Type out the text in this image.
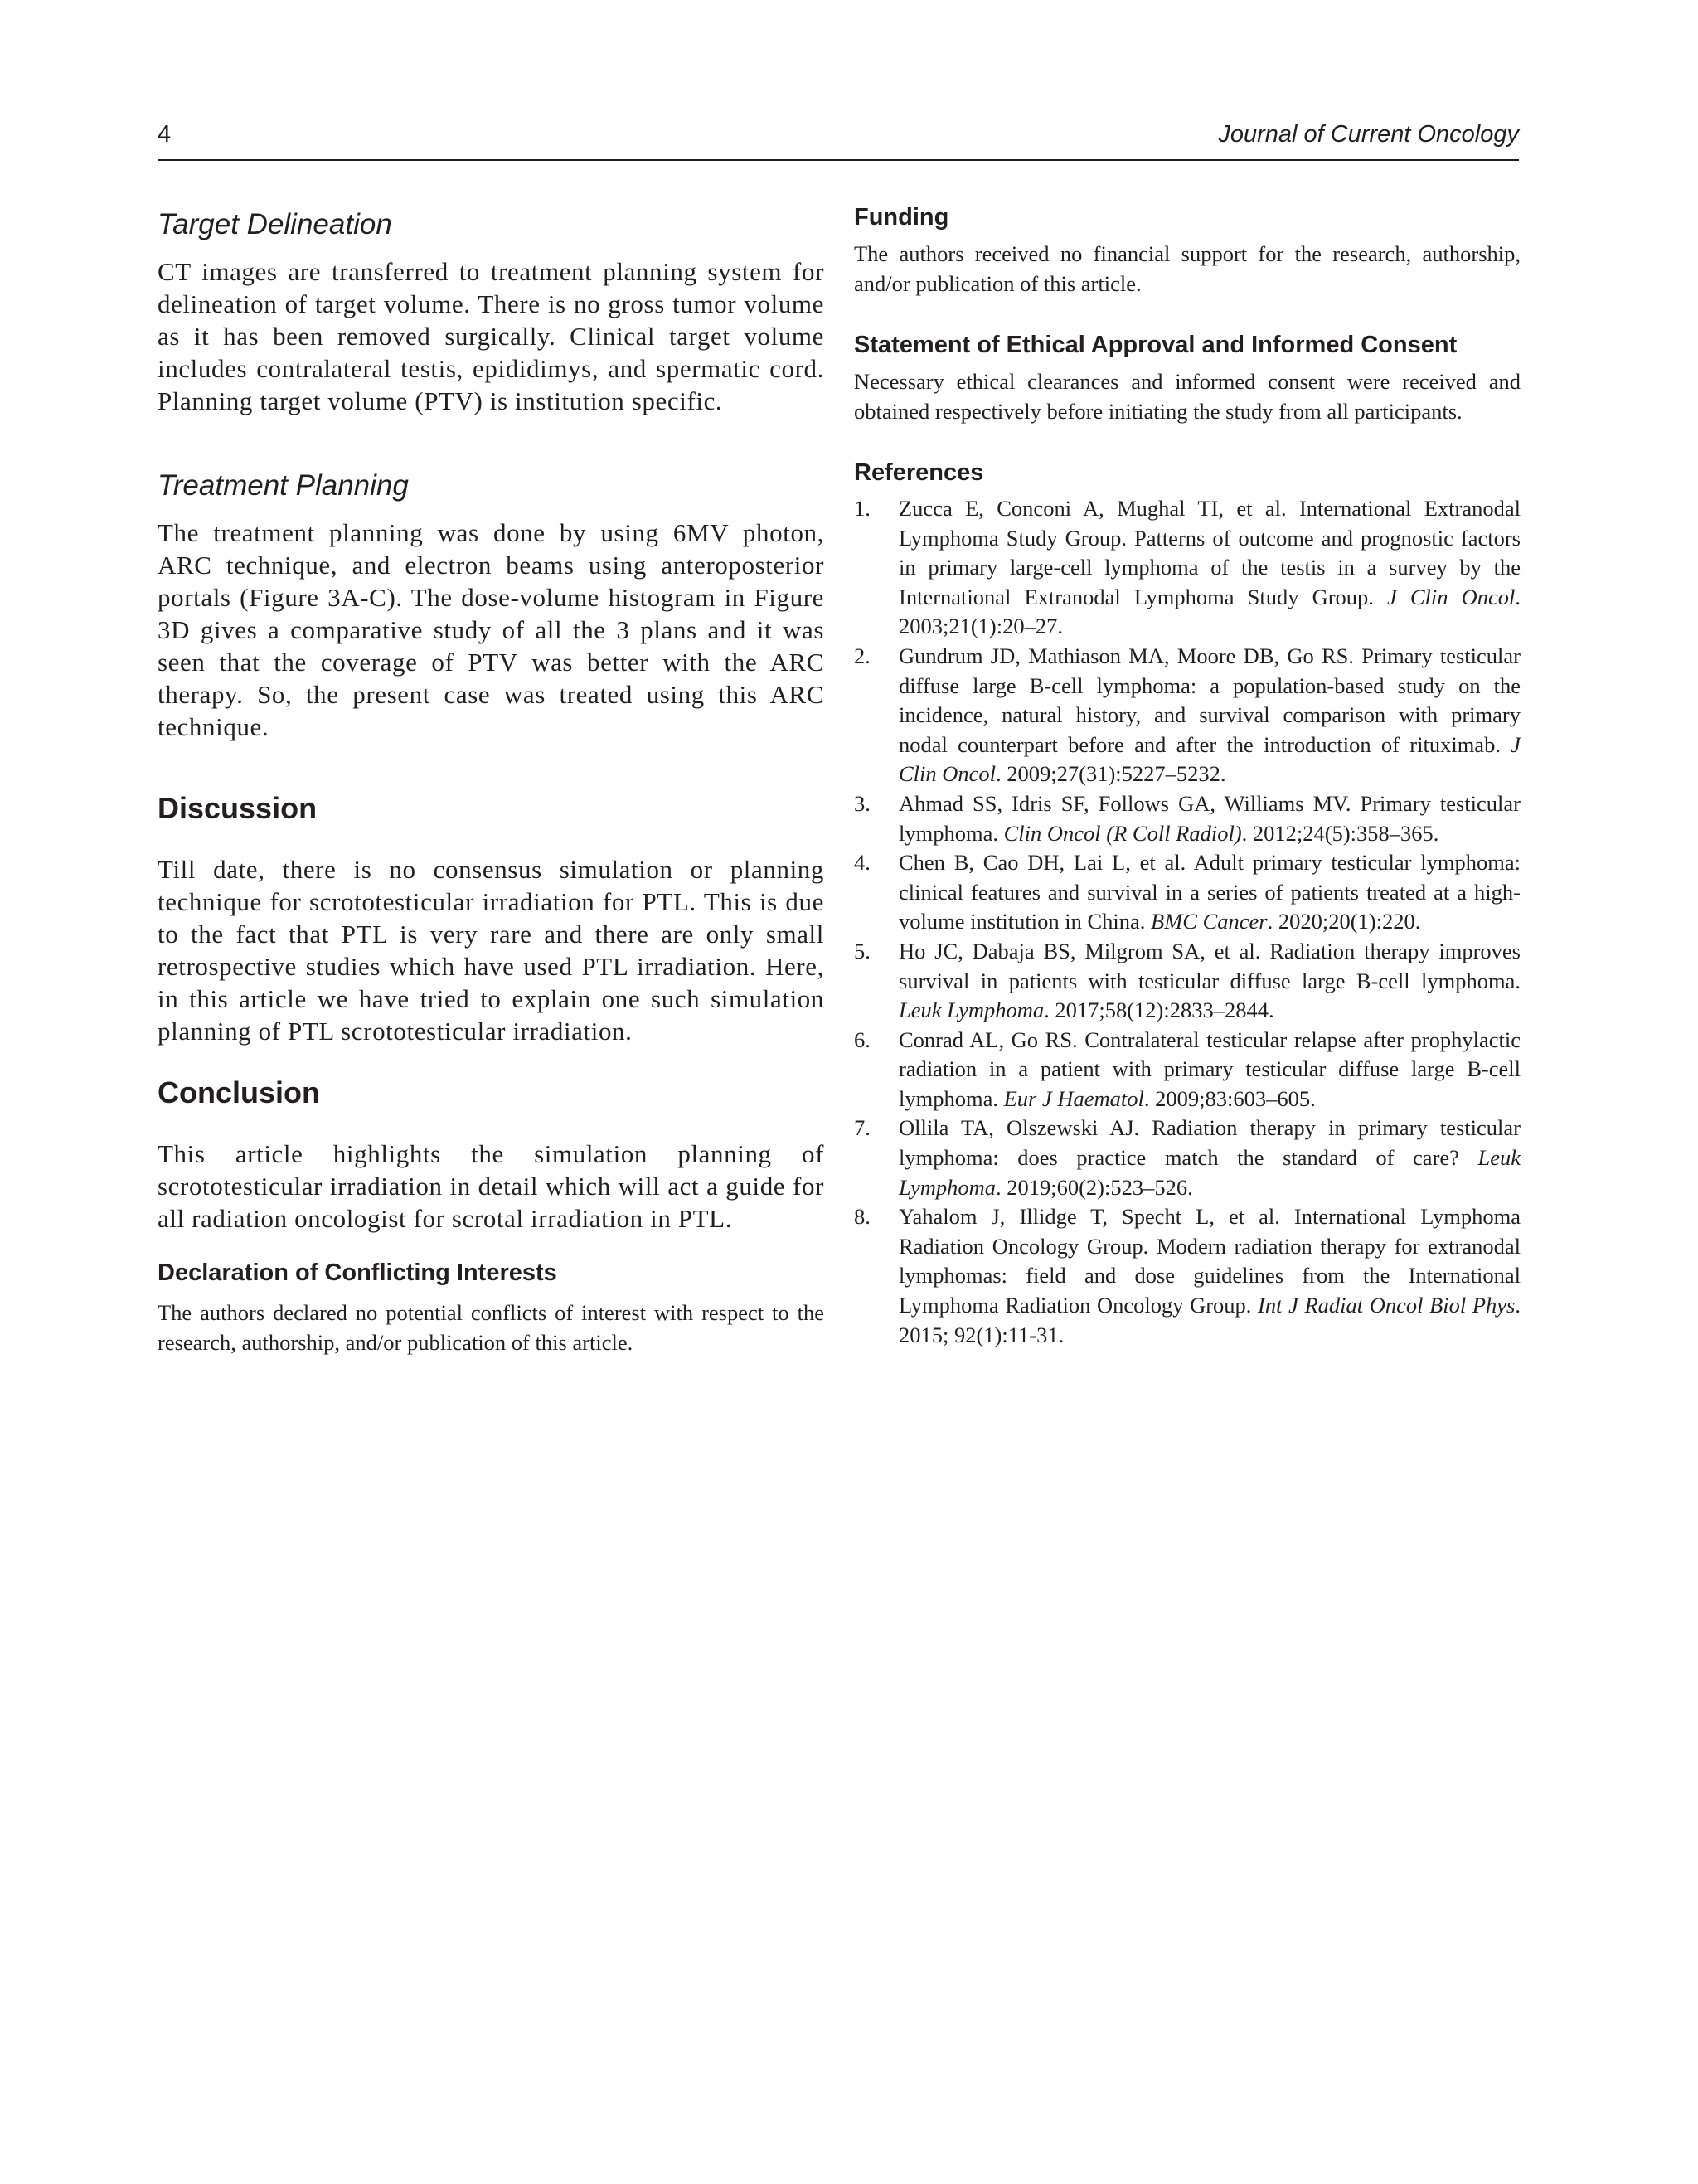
4	Journal of Current Oncology
Target Delineation

CT images are transferred to treatment planning system for delineation of target volume. There is no gross tumor volume as it has been removed surgically. Clinical target volume includes contralateral testis, epididimys, and spermatic cord. Planning target volume (PTV) is institution specific.

Treatment Planning

The treatment planning was done by using 6MV photon, ARC technique, and electron beams using anteroposterior portals (Figure 3A-C). The dose-volume histogram in Figure 3D gives a comparative study of all the 3 plans and it was seen that the coverage of PTV was better with the ARC therapy. So, the present case was treated using this ARC technique.

Discussion

Till date, there is no consensus simulation or planning technique for scrototesticular irradiation for PTL. This is due to the fact that PTL is very rare and there are only small retrospective studies which have used PTL irradiation. Here, in this article we have tried to explain one such simulation planning of PTL scrototesticular irradiation.

Conclusion

This article highlights the simulation planning of scrototesticular irradiation in detail which will act a guide for all radiation oncologist for scrotal irradiation in PTL.

Declaration of Conflicting Interests

The authors declared no potential conflicts of interest with respect to the research, authorship, and/or publication of this article.

Funding

The authors received no financial support for the research, authorship, and/or publication of this article.

Statement of Ethical Approval and Informed Consent

Necessary ethical clearances and informed consent were received and obtained respectively before initiating the study from all participants.

References
1. Zucca E, Conconi A, Mughal TI, et al. International Extranodal Lymphoma Study Group. Patterns of outcome and prognostic factors in primary large-cell lymphoma of the testis in a survey by the International Extranodal Lymphoma Study Group. J Clin Oncol. 2003;21(1):20–27.
2. Gundrum JD, Mathiason MA, Moore DB, Go RS. Primary testicular diffuse large B-cell lymphoma: a population-based study on the incidence, natural history, and survival comparison with primary nodal counterpart before and after the introduction of rituximab. J Clin Oncol. 2009;27(31):5227–5232.
3. Ahmad SS, Idris SF, Follows GA, Williams MV. Primary testicular lymphoma. Clin Oncol (R Coll Radiol). 2012;24(5):358–365.
4. Chen B, Cao DH, Lai L, et al. Adult primary testicular lymphoma: clinical features and survival in a series of patients treated at a high-volume institution in China. BMC Cancer. 2020;20(1):220.
5. Ho JC, Dabaja BS, Milgrom SA, et al. Radiation therapy improves survival in patients with testicular diffuse large B-cell lymphoma. Leuk Lymphoma. 2017;58(12):2833–2844.
6. Conrad AL, Go RS. Contralateral testicular relapse after prophylactic radiation in a patient with primary testicular diffuse large B-cell lymphoma. Eur J Haematol. 2009;83:603–605.
7. Ollila TA, Olszewski AJ. Radiation therapy in primary testicular lymphoma: does practice match the standard of care? Leuk Lymphoma. 2019;60(2):523–526.
8. Yahalom J, Illidge T, Specht L, et al. International Lymphoma Radiation Oncology Group. Modern radiation therapy for extranodal lymphomas: field and dose guidelines from the International Lymphoma Radiation Oncology Group. Int J Radiat Oncol Biol Phys. 2015; 92(1):11-31.
